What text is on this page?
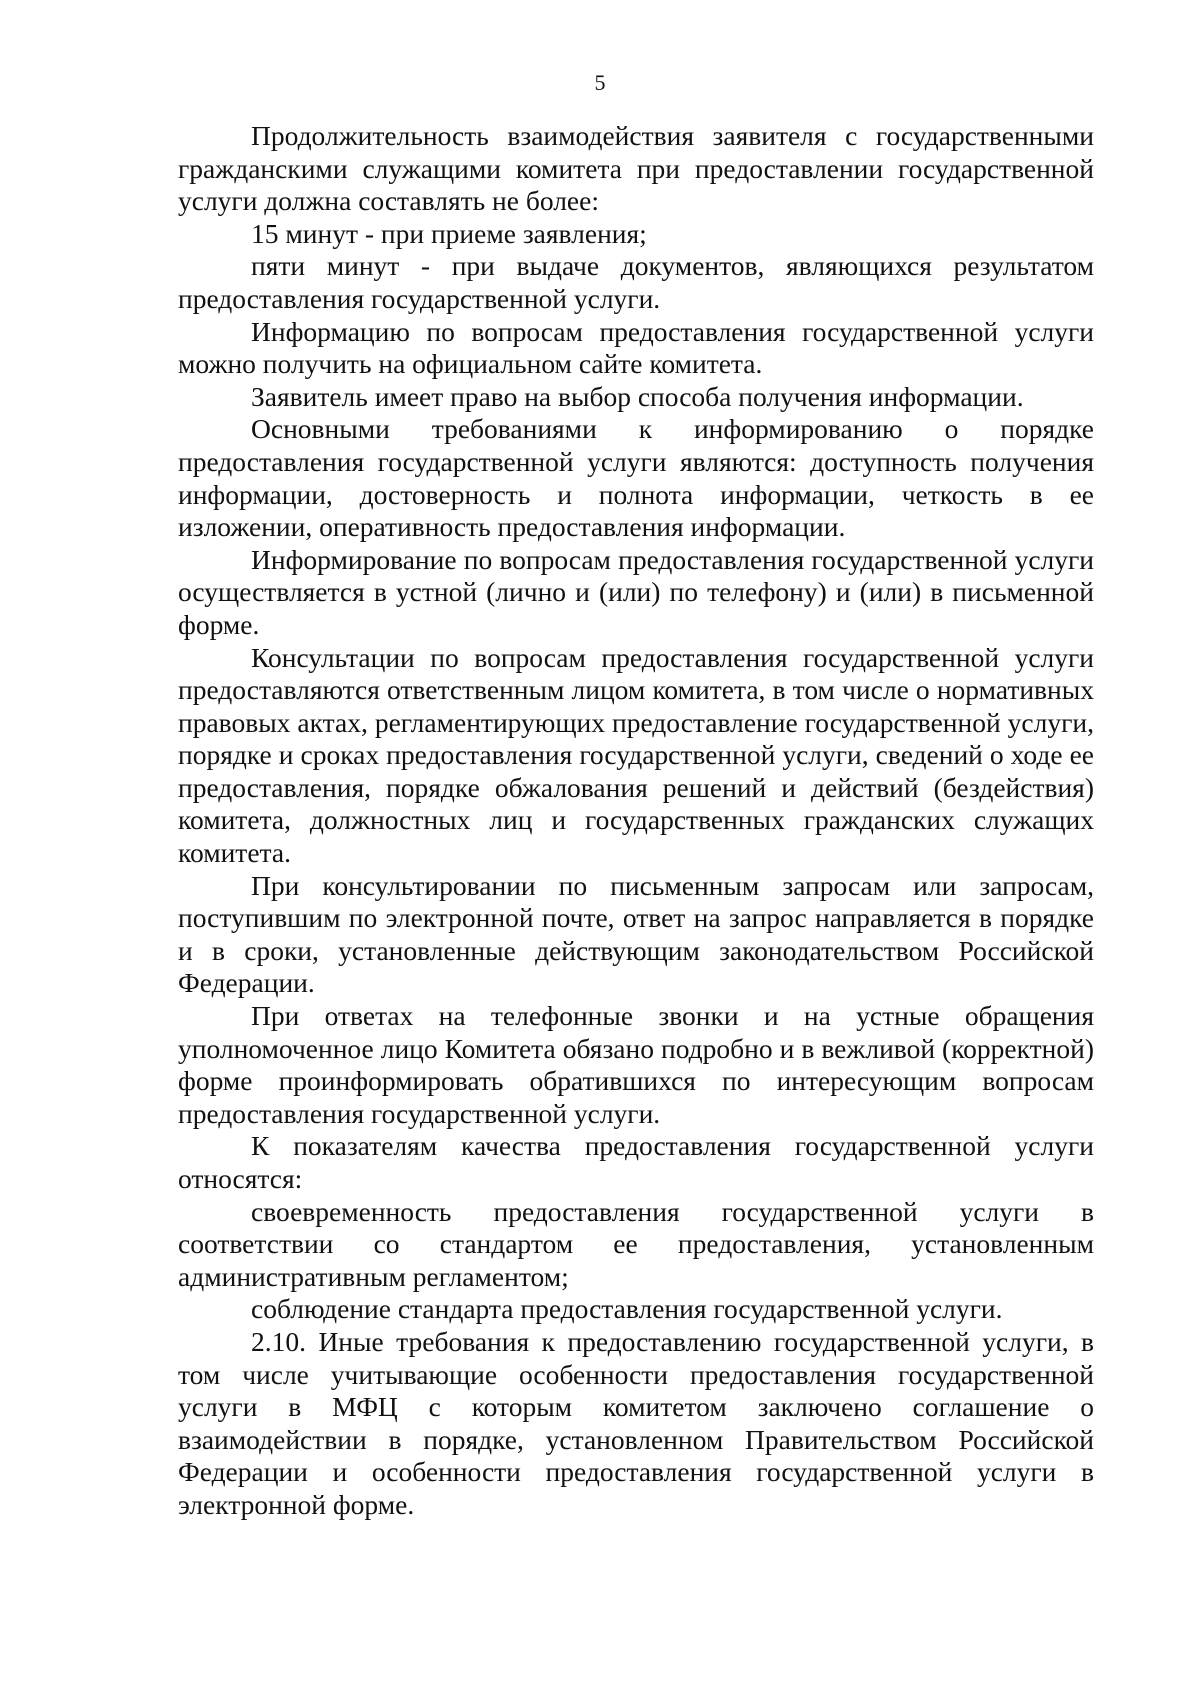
5

Продолжительность взаимодействия заявителя с государственными гражданскими служащими комитета при предоставлении государственной услуги должна составлять не более:

15 минут - при приеме заявления;

пяти минут - при выдаче документов, являющихся результатом предоставления государственной услуги.

Информацию по вопросам предоставления государственной услуги можно получить на официальном сайте комитета.

Заявитель имеет право на выбор способа получения информации.

Основными требованиями к информированию о порядке предоставления государственной услуги являются: доступность получения информации, достоверность и полнота информации, четкость в ее изложении, оперативность предоставления информации.

Информирование по вопросам предоставления государственной услуги осуществляется в устной (лично и (или) по телефону) и (или) в письменной форме.

Консультации по вопросам предоставления государственной услуги предоставляются ответственным лицом комитета, в том числе о нормативных правовых актах, регламентирующих предоставление государственной услуги, порядке и сроках предоставления государственной услуги, сведений о ходе ее предоставления, порядке обжалования решений и действий (бездействия) комитета, должностных лиц и государственных гражданских служащих комитета.

При консультировании по письменным запросам или запросам, поступившим по электронной почте, ответ на запрос направляется в порядке и в сроки, установленные действующим законодательством Российской Федерации.

При ответах на телефонные звонки и на устные обращения уполномоченное лицо Комитета обязано подробно и в вежливой (корректной) форме проинформировать обратившихся по интересующим вопросам предоставления государственной услуги.

К показателям качества предоставления государственной услуги относятся:

своевременность предоставления государственной услуги в соответствии со стандартом ее предоставления, установленным административным регламентом;

соблюдение стандарта предоставления государственной услуги.

2.10. Иные требования к предоставлению государственной услуги, в том числе учитывающие особенности предоставления государственной услуги в МФЦ с которым комитетом заключено соглашение о взаимодействии в порядке, установленном Правительством Российской Федерации и особенности предоставления государственной услуги в электронной форме.
